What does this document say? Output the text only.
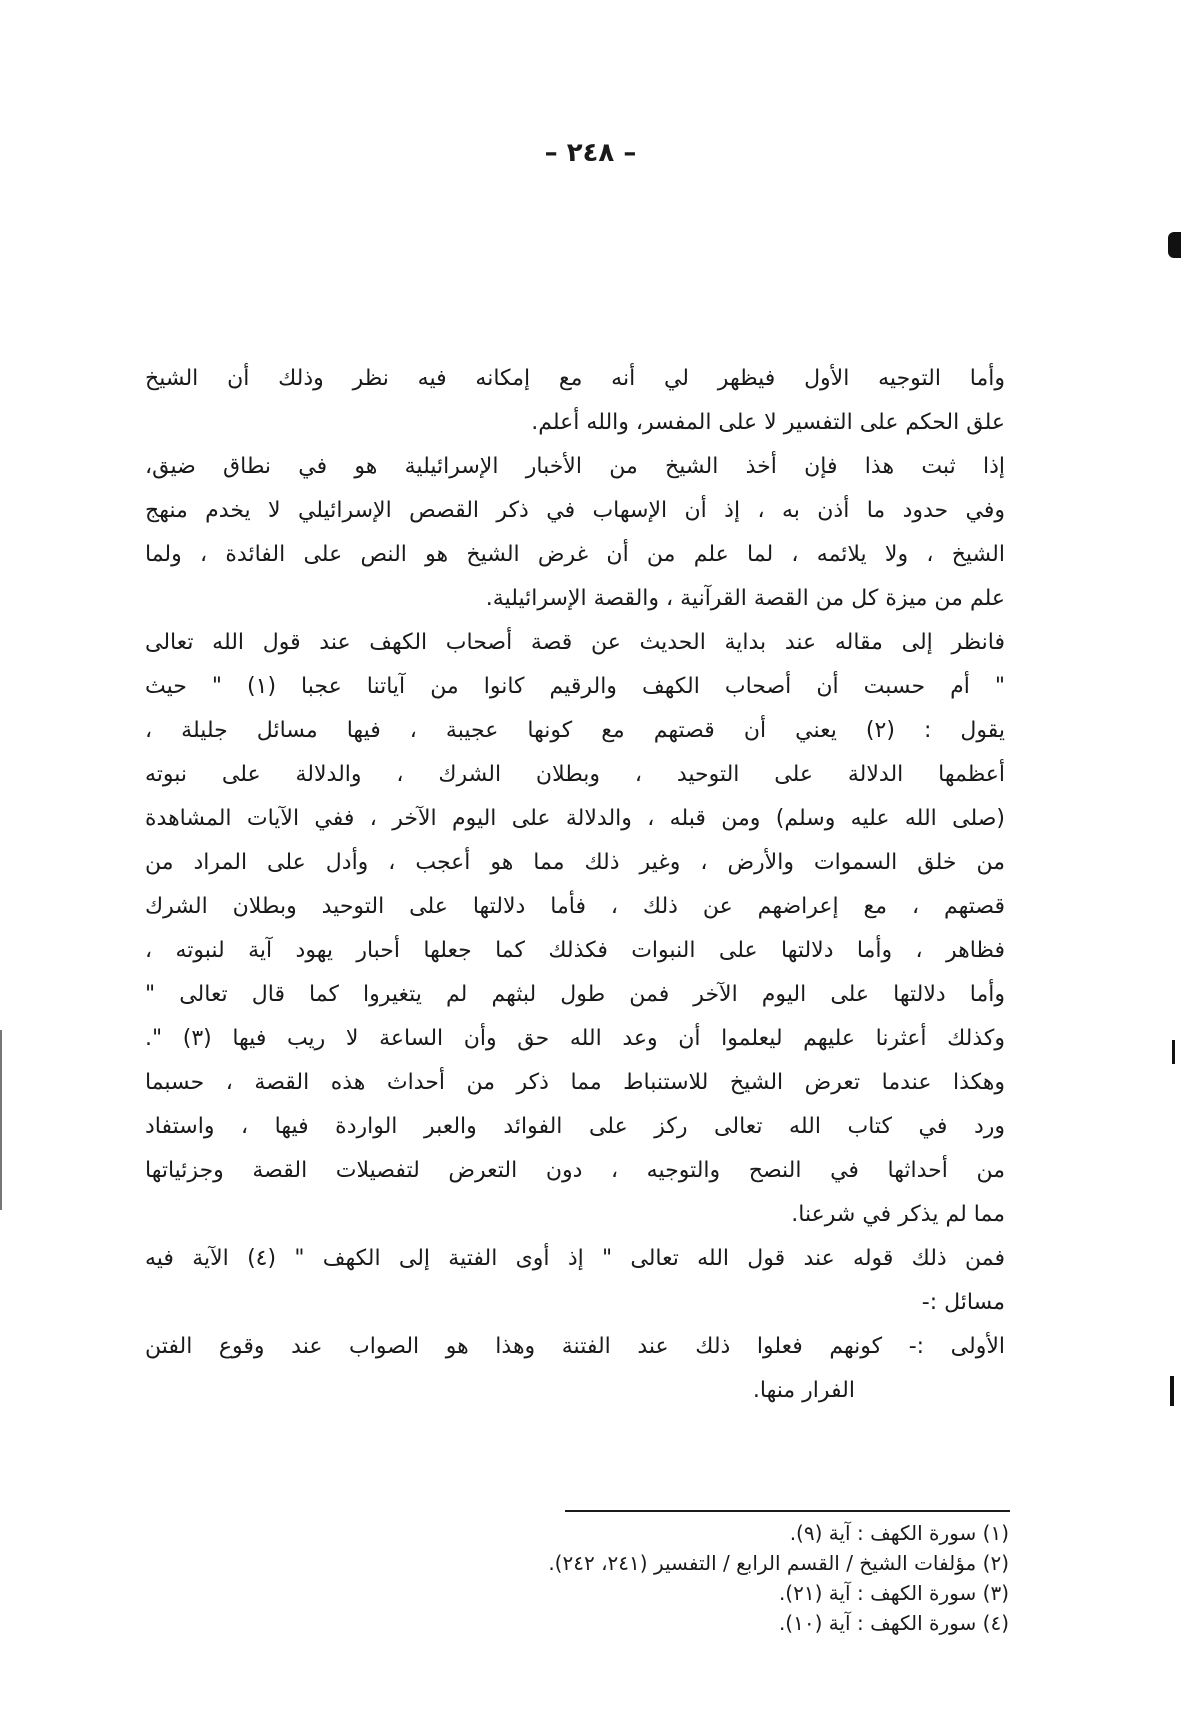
– ٢٤٨ –
وأما التوجيه الأول فيظهر لي أنه مع إمكانه فيه نظر وذلك أن الشيخ
علق الحكم على التفسير لا على المفسر، والله أعلم.
إذا ثبت هذا فإن أخذ الشيخ من الأخبار الإسرائيلية هو في نطاق ضيق،
وفي حدود ما أذن به ، إذ أن الإسهاب في ذكر القصص الإسرائيلي لا يخدم منهج
الشيخ ، ولا يلائمه ، لما علم من أن غرض الشيخ هو النص على الفائدة ، ولما
علم من ميزة كل من القصة القرآنية ، والقصة الإسرائيلية.
فانظر إلى مقاله عند بداية الحديث عن قصة أصحاب الكهف عند قول الله تعالى
" أم حسبت أن أصحاب الكهف والرقيم كانوا من آياتنا عجبا (١) " حيث
يقول : (٢) يعني أن قصتهم مع كونها عجيبة ، فيها مسائل جليلة ،
أعظمها الدلالة على التوحيد ، وبطلان الشرك ، والدلالة على نبوته
(صلى الله عليه وسلم) ومن قبله ، والدلالة على اليوم الآخر ، ففي الآيات المشاهدة
من خلق السموات والأرض ، وغير ذلك مما هو أعجب ، وأدل على المراد من
قصتهم ، مع إعراضهم عن ذلك ، فأما دلالتها على التوحيد وبطلان الشرك
فظاهر ، وأما دلالتها على النبوات فكذلك كما جعلها أحبار يهود آية لنبوته ،
وأما دلالتها على اليوم الآخر فمن طول لبثهم لم يتغيروا كما قال تعالى "
وكذلك أعثرنا عليهم ليعلموا أن وعد الله حق وأن الساعة لا ريب فيها (٣) ".
وهكذا عندما تعرض الشيخ للاستنباط مما ذكر من أحداث هذه القصة ، حسبما
ورد في كتاب الله تعالى ركز على الفوائد والعبر الواردة فيها ، واستفاد
من أحداثها في النصح والتوجيه ، دون التعرض لتفصيلات القصة وجزئياتها
مما لم يذكر في شرعنا.
فمن ذلك قوله عند قول الله تعالى " إذ أوى الفتية إلى الكهف " (٤) الآية فيه
مسائل :-
الأولى :- كونهم فعلوا ذلك عند الفتنة وهذا هو الصواب عند وقوع الفتن
الفرار منها.
(١) سورة الكهف : آية (٩).
(٢) مؤلفات الشيخ / القسم الرابع / التفسير (٢٤١، ٢٤٢).
(٣) سورة الكهف : آية (٢١).
(٤) سورة الكهف : آية (١٠).
